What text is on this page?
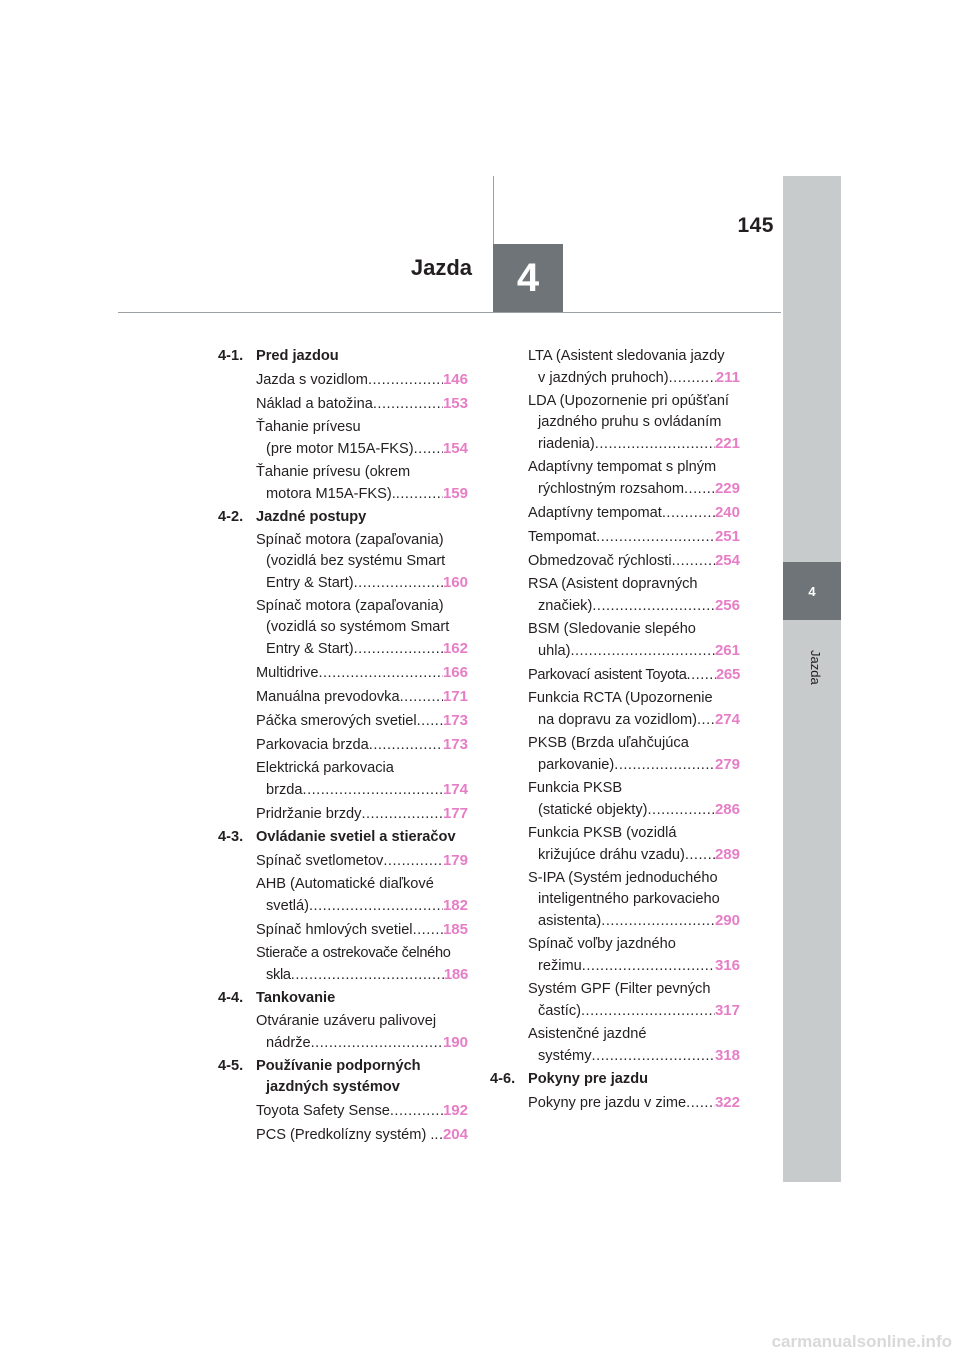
145
Jazda 4
4
Jazda
4-1. Pred jazdou
Jazda s vozidlom .....	146
Náklad a batožina .....	153
Ťahanie prívesu
(pre motor M15A-FKS) ..... 154
Ťahanie prívesu (okrem
motora M15A-FKS). .....	159
4-2. Jazdné postupy
Spínač motora (zapaľovania)
(vozidlá bez systému Smart
Entry & Start) .....	160
Spínač motora (zapaľovania)
(vozidlá so systémom Smart
Entry & Start) .....	162
Multidrive .....	166
Manuálna prevodovka .....	171
Páčka smerových svetiel ..... 173
Parkovacia brzda .....	173
Elektrická parkovacia
brzda .....	174
Pridržanie brzdy .....	177
4-3. Ovládanie svetiel a stieračov
Spínač svetlometov .....	179
AHB (Automatické diaľkové
svetlá) .....	182
Spínač hmlových svetiel ..... 185
Stierače a ostrekovače čelného
skla .....	186
4-4. Tankovanie
Otváranie uzáveru palivovej
nádrže .....	190
4-5. Používanie podporných
jazdných systémov
Toyota Safety Sense .....	192
PCS (Predkolízny systém) . ..... 204
LTA (Asistent sledovania jazdy
v jazdných pruhoch) .....	211
LDA (Upozornenie pri opúšťaní
jazdného pruhu s ovládaním
riadenia) .....	221
Adaptívny tempomat s plným
rýchlostným rozsahom ..... 229
Adaptívny tempomat .....	240
Tempomat .....	251
Obmedzovač rýchlosti .....	254
RSA (Asistent dopravných
značiek) .....	256
BSM (Sledovanie slepého
uhla) .....	261
Parkovací asistent Toyota ..... 265
Funkcia RCTA (Upozornenie
na dopravu za vozidlom) ..... 274
PKSB (Brzda uľahčujúca
parkovanie) .....	279
Funkcia PKSB
(statické objekty) .....	286
Funkcia PKSB (vozidlá
križujúce dráhu vzadu) ..... 289
S-IPA (Systém jednoduchého
inteligentného parkovacieho
asistenta) .....	290
Spínač voľby jazdného
režimu .....	316
Systém GPF (Filter pevných
častíc) .....	317
Asistenčné jazdné
systémy .....	318
4-6. Pokyny pre jazdu
Pokyny pre jazdu v zime ..... 322
carmanualsonline.info
